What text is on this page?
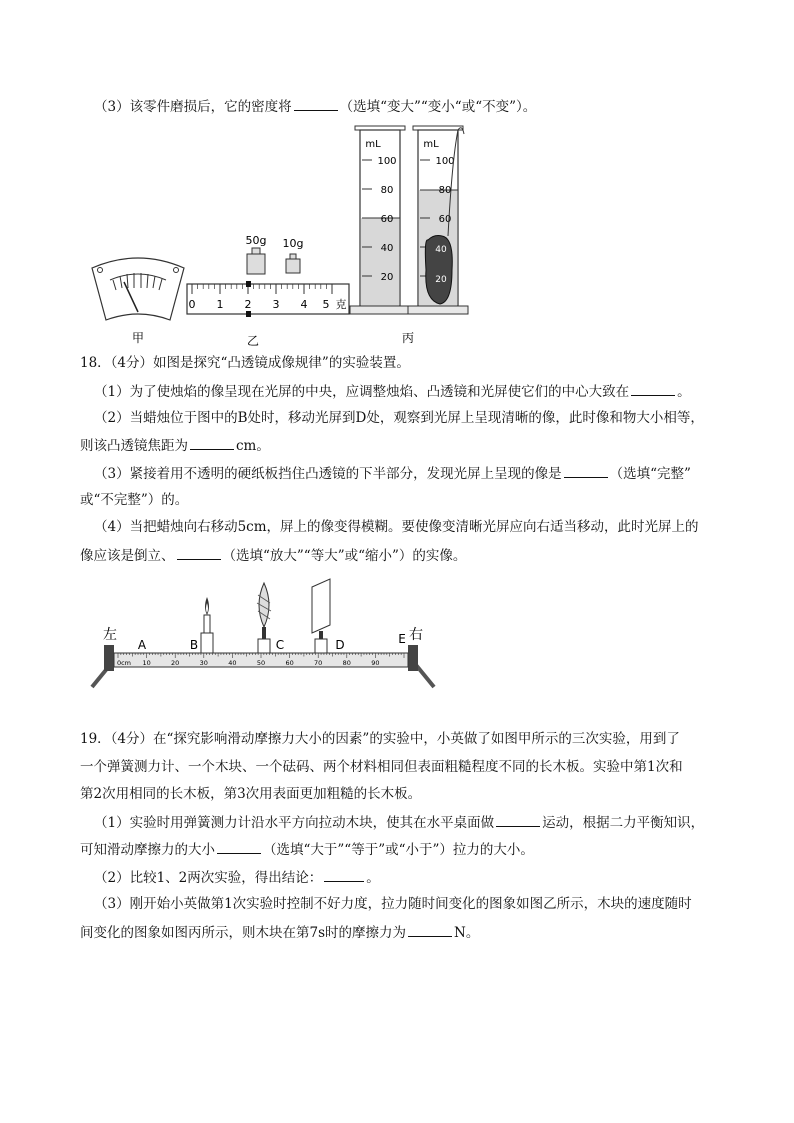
（3）该零件磨损后，它的密度将	（选填“变大”“变小“或“不变”）。
0 1 2 3 4 5 克
50g 10g
mL
100
80
60
40
20
mL
100
80
60
40
20
甲	乙	丙
18．（4分）如图是探究“凸透镜成像规律”的实验装置。
（1）为了使烛焰的像呈现在光屏的中央，应调整烛焰、凸透镜和光屏使它们的中心大致在	。
（2）当蜡烛位于图中的B处时，移动光屏到D处，观察到光屏上呈现清晰的像，此时像和物大小相等，
则该凸透镜焦距为	cm。
（3）紧接着用不透明的硬纸板挡住凸透镜的下半部分，发现光屏上呈现的像是	（选填“完整”
或“不完整”）的。
（4）当把蜡烛向右移动5cm，屏上的像变得模糊。要使像变清晰光屏应向右适当移动，此时光屏上的
像应该是倒立、	（选填“放大”“等大”或“缩小”）的实像。
0cm 10	20	30	40	50	60	70	80	90
左	右
A	B	C	D	E
19．（4分）在“探究影响滑动摩擦力大小的因素”的实验中，小英做了如图甲所示的三次实验，用到了
一个弹簧测力计、一个木块、一个砝码、两个材料相同但表面粗糙程度不同的长木板。实验中第1次和
第2次用相同的长木板，第3次用表面更加粗糙的长木板。
（1）实验时用弹簧测力计沿水平方向拉动木块，使其在水平桌面做	运动，根据二力平衡知识，
可知滑动摩擦力的大小	（选填“大于”“等于”或“小于”）拉力的大小。
（2）比较1、2两次实验，得出结论：	。
（3）刚开始小英做第1次实验时控制不好力度，拉力随时间变化的图象如图乙所示，木块的速度随时
间变化的图象如图丙所示，则木块在第7s时的摩擦力为	N。
